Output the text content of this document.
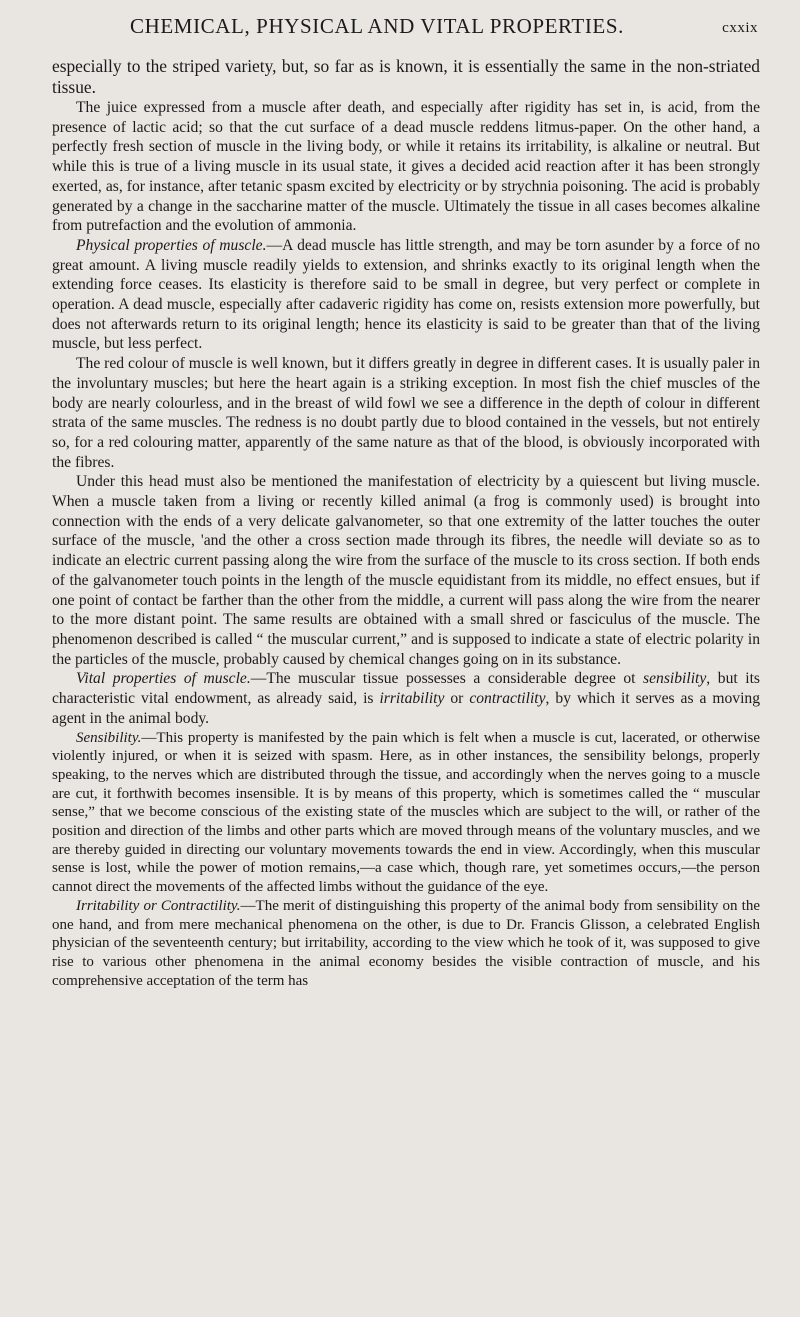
CHEMICAL, PHYSICAL AND VITAL PROPERTIES.	cxxix

especially to the striped variety, but, so far as is known, it is essentially the same in the non-striated tissue.

The juice expressed from a muscle after death, and especially after rigidity has set in, is acid, from the presence of lactic acid; so that the cut surface of a dead muscle reddens litmus-paper. On the other hand, a perfectly fresh section of muscle in the living body, or while it retains its irritability, is alkaline or neutral. But while this is true of a living muscle in its usual state, it gives a decided acid reaction after it has been strongly exerted, as, for instance, after tetanic spasm excited by electricity or by strychnia poisoning. The acid is probably generated by a change in the saccharine matter of the muscle. Ultimately the tissue in all cases becomes alkaline from putrefaction and the evolution of ammonia.

Physical properties of muscle.—A dead muscle has little strength, and may be torn asunder by a force of no great amount. A living muscle readily yields to extension, and shrinks exactly to its original length when the extending force ceases. Its elasticity is therefore said to be small in degree, but very perfect or complete in operation. A dead muscle, especially after cadaveric rigidity has come on, resists extension more powerfully, but does not afterwards return to its original length; hence its elasticity is said to be greater than that of the living muscle, but less perfect.

The red colour of muscle is well known, but it differs greatly in degree in different cases. It is usually paler in the involuntary muscles; but here the heart again is a striking exception. In most fish the chief muscles of the body are nearly colourless, and in the breast of wild fowl we see a difference in the depth of colour in different strata of the same muscles. The redness is no doubt partly due to blood contained in the vessels, but not entirely so, for a red colouring matter, apparently of the same nature as that of the blood, is obviously incorporated with the fibres.

Under this head must also be mentioned the manifestation of electricity by a quiescent but living muscle. When a muscle taken from a living or recently killed animal (a frog is commonly used) is brought into connection with the ends of a very delicate galvanometer, so that one extremity of the latter touches the outer surface of the muscle, 'and the other a cross section made through its fibres, the needle will deviate so as to indicate an electric current passing along the wire from the surface of the muscle to its cross section. If both ends of the galvanometer touch points in the length of the muscle equidistant from its middle, no effect ensues, but if one point of contact be farther than the other from the middle, a current will pass along the wire from the nearer to the more distant point. The same results are obtained with a small shred or fasciculus of the muscle. The phenomenon described is called “ the muscular current,” and is supposed to indicate a state of electric polarity in the particles of the muscle, probably caused by chemical changes going on in its substance.

Vital properties of muscle.—The muscular tissue possesses a considerable degree ot sensibility, but its characteristic vital endowment, as already said, is irritability or contractility, by which it serves as a moving agent in the animal body.

Sensibility.—This property is manifested by the pain which is felt when a muscle is cut, lacerated, or otherwise violently injured, or when it is seized with spasm. Here, as in other instances, the sensibility belongs, properly speaking, to the nerves which are distributed through the tissue, and accordingly when the nerves going to a muscle are cut, it forthwith becomes insensible. It is by means of this property, which is sometimes called the “ muscular sense,” that we become conscious of the existing state of the muscles which are subject to the will, or rather of the position and direction of the limbs and other parts which are moved through means of the voluntary muscles, and we are thereby guided in directing our voluntary movements towards the end in view. Accordingly, when this muscular sense is lost, while the power of motion remains,—a case which, though rare, yet sometimes occurs,—the person cannot direct the movements of the affected limbs without the guidance of the eye.

Irritability or Contractility.—The merit of distinguishing this property of the animal body from sensibility on the one hand, and from mere mechanical phenomena on the other, is due to Dr. Francis Glisson, a celebrated English physician of the seventeenth century; but irritability, according to the view which he took of it, was supposed to give rise to various other phenomena in the animal economy besides the visible contraction of muscle, and his comprehensive acceptation of the term has
